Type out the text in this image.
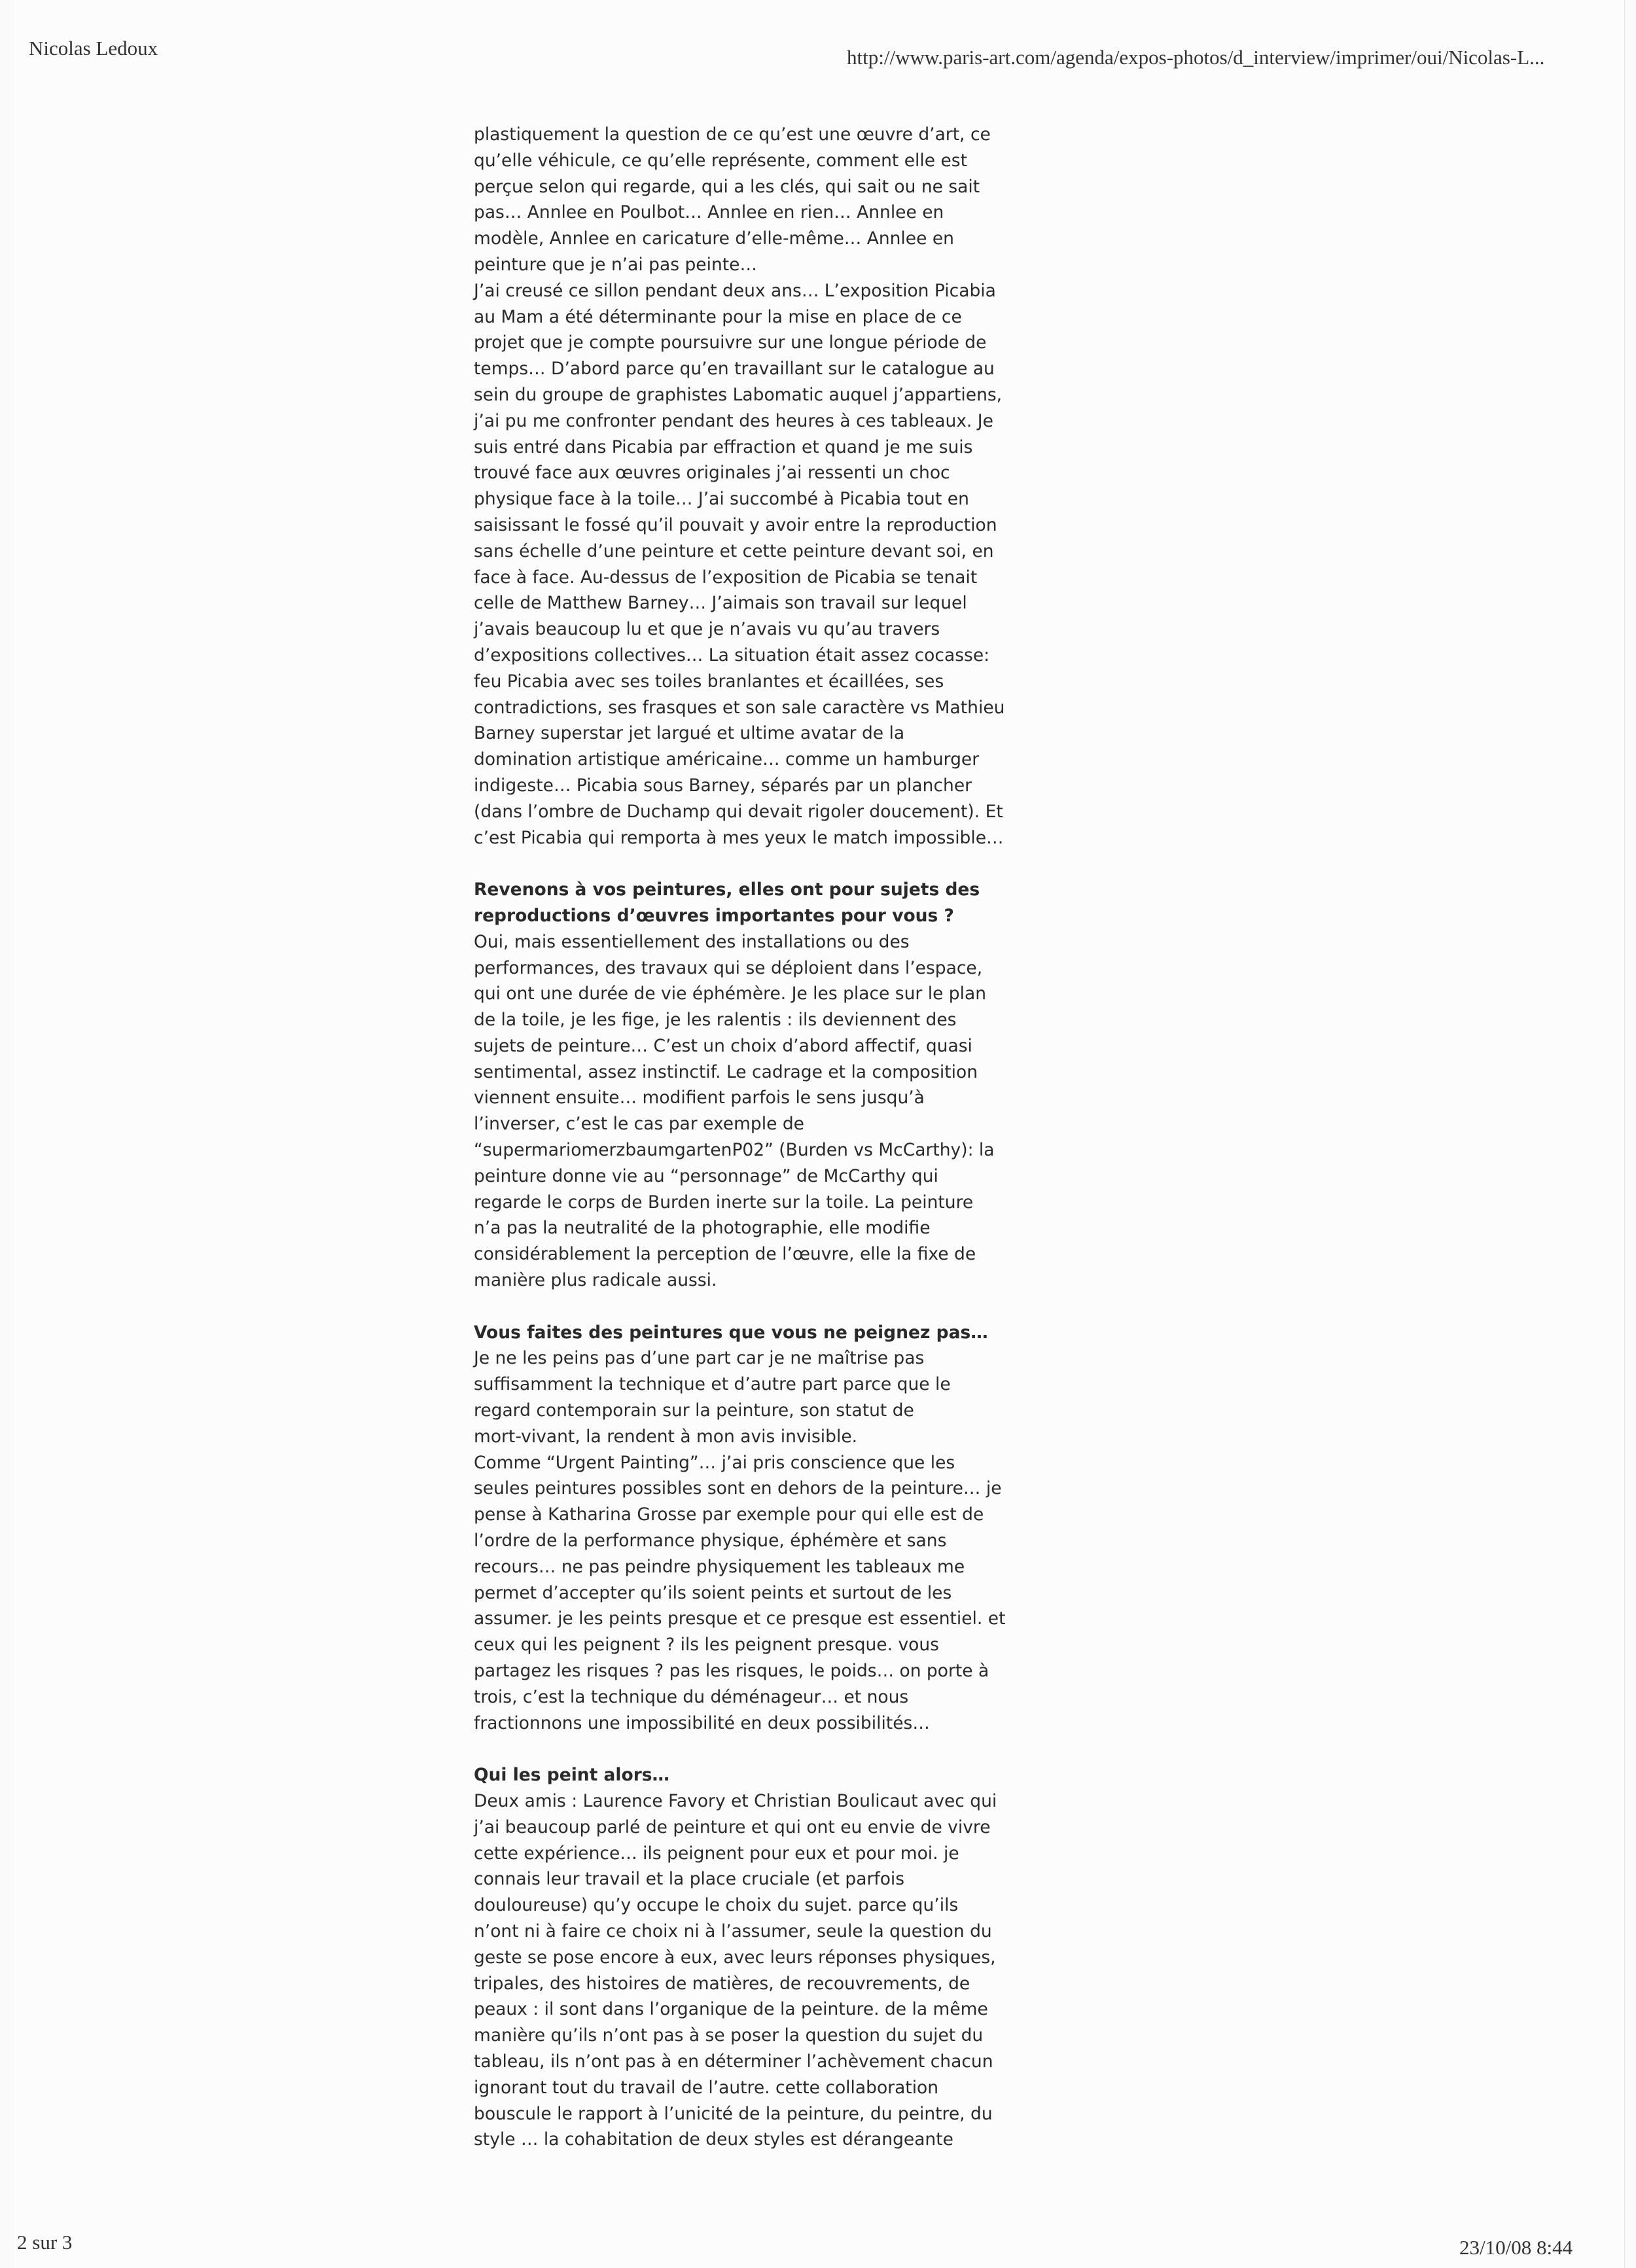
Nicolas Ledoux	http://www.paris-art.com/agenda/expos-photos/d_interview/imprimer/oui/Nicolas-L...
plastiquement la question de ce qu’est une œuvre d’art, ce
qu’elle véhicule, ce qu’elle représente, comment elle est
perçue selon qui regarde, qui a les clés, qui sait ou ne sait
pas… Annlee en Poulbot… Annlee en rien… Annlee en
modèle, Annlee en caricature d’elle-même… Annlee en
peinture que je n’ai pas peinte…
J’ai creusé ce sillon pendant deux ans… L’exposition Picabia
au Mam a été déterminante pour la mise en place de ce
projet que je compte poursuivre sur une longue période de
temps… D’abord parce qu’en travaillant sur le catalogue au
sein du groupe de graphistes Labomatic auquel j’appartiens,
j’ai pu me confronter pendant des heures à ces tableaux. Je
suis entré dans Picabia par effraction et quand je me suis
trouvé face aux œuvres originales j’ai ressenti un choc
physique face à la toile… J’ai succombé à Picabia tout en
saisissant le fossé qu’il pouvait y avoir entre la reproduction
sans échelle d’une peinture et cette peinture devant soi, en
face à face. Au-dessus de l’exposition de Picabia se tenait
celle de Matthew Barney… J’aimais son travail sur lequel
j’avais beaucoup lu et que je n’avais vu qu’au travers
d’expositions collectives… La situation était assez cocasse:
feu Picabia avec ses toiles branlantes et écaillées, ses
contradictions, ses frasques et son sale caractère vs Mathieu
Barney superstar jet largué et ultime avatar de la
domination artistique américaine… comme un hamburger
indigeste… Picabia sous Barney, séparés par un plancher
(dans l’ombre de Duchamp qui devait rigoler doucement). Et
c’est Picabia qui remporta à mes yeux le match impossible…
Revenons à vos peintures, elles ont pour sujets des
reproductions d’œuvres importantes pour vous ?
Oui, mais essentiellement des installations ou des
performances, des travaux qui se déploient dans l’espace,
qui ont une durée de vie éphémère. Je les place sur le plan
de la toile, je les fige, je les ralentis : ils deviennent des
sujets de peinture… C’est un choix d’abord affectif, quasi
sentimental, assez instinctif. Le cadrage et la composition
viennent ensuite… modifient parfois le sens jusqu’à
l’inverser, c’est le cas par exemple de
“supermariomerzbaumgartenP02” (Burden vs McCarthy): la
peinture donne vie au “personnage” de McCarthy qui
regarde le corps de Burden inerte sur la toile. La peinture
n’a pas la neutralité de la photographie, elle modifie
considérablement la perception de l’œuvre, elle la fixe de
manière plus radicale aussi.
Vous faites des peintures que vous ne peignez pas…
Je ne les peins pas d’une part car je ne maîtrise pas
suffisamment la technique et d’autre part parce que le
regard contemporain sur la peinture, son statut de
mort-vivant, la rendent à mon avis invisible.
Comme “Urgent Painting”… j’ai pris conscience que les
seules peintures possibles sont en dehors de la peinture… je
pense à Katharina Grosse par exemple pour qui elle est de
l’ordre de la performance physique, éphémère et sans
recours… ne pas peindre physiquement les tableaux me
permet d’accepter qu’ils soient peints et surtout de les
assumer. je les peints presque et ce presque est essentiel. et
ceux qui les peignent ? ils les peignent presque. vous
partagez les risques ? pas les risques, le poids… on porte à
trois, c’est la technique du déménageur… et nous
fractionnons une impossibilité en deux possibilités…
Qui les peint alors…
Deux amis : Laurence Favory et Christian Boulicaut avec qui
j’ai beaucoup parlé de peinture et qui ont eu envie de vivre
cette expérience… ils peignent pour eux et pour moi. je
connais leur travail et la place cruciale (et parfois
douloureuse) qu’y occupe le choix du sujet. parce qu’ils
n’ont ni à faire ce choix ni à l’assumer, seule la question du
geste se pose encore à eux, avec leurs réponses physiques,
tripales, des histoires de matières, de recouvrements, de
peaux : il sont dans l’organique de la peinture. de la même
manière qu’ils n’ont pas à se poser la question du sujet du
tableau, ils n’ont pas à en déterminer l’achèvement chacun
ignorant tout du travail de l’autre. cette collaboration
bouscule le rapport à l’unicité de la peinture, du peintre, du
style … la cohabitation de deux styles est dérangeante
2 sur 3	23/10/08 8:44
